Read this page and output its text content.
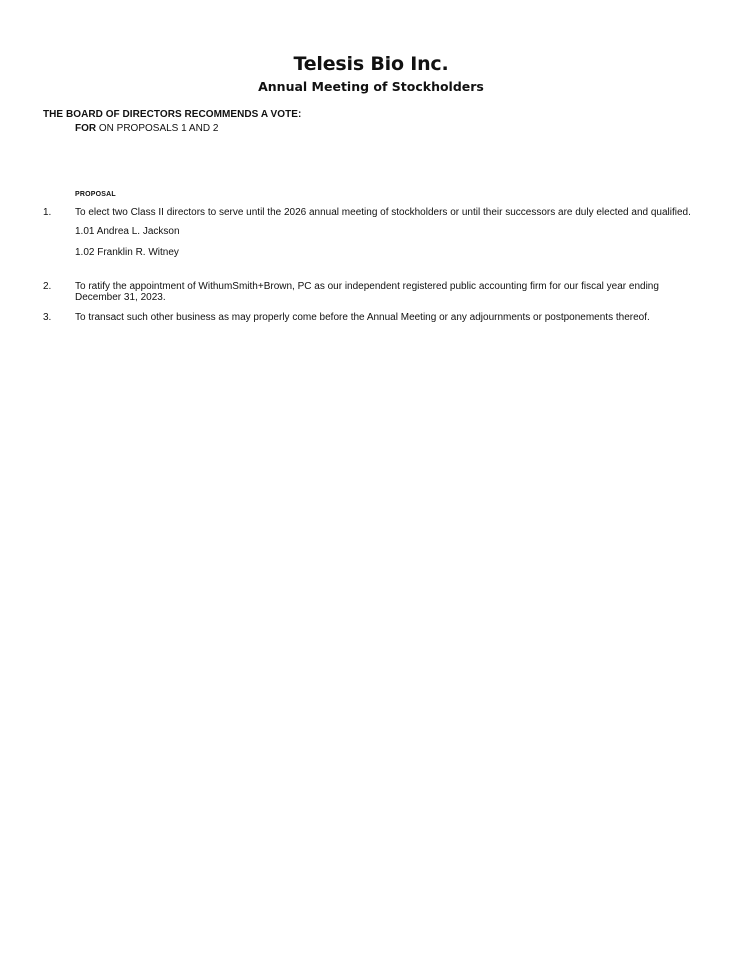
Telesis Bio Inc.
Annual Meeting of Stockholders
THE BOARD OF DIRECTORS RECOMMENDS A VOTE:
FOR ON PROPOSALS 1 AND 2
PROPOSAL
1. To elect two Class II directors to serve until the 2026 annual meeting of stockholders or until their successors are duly elected and qualified.
1.01 Andrea L. Jackson
1.02 Franklin R. Witney
2. To ratify the appointment of WithumSmith+Brown, PC as our independent registered public accounting firm for our fiscal year ending December 31, 2023.
3. To transact such other business as may properly come before the Annual Meeting or any adjournments or postponements thereof.
